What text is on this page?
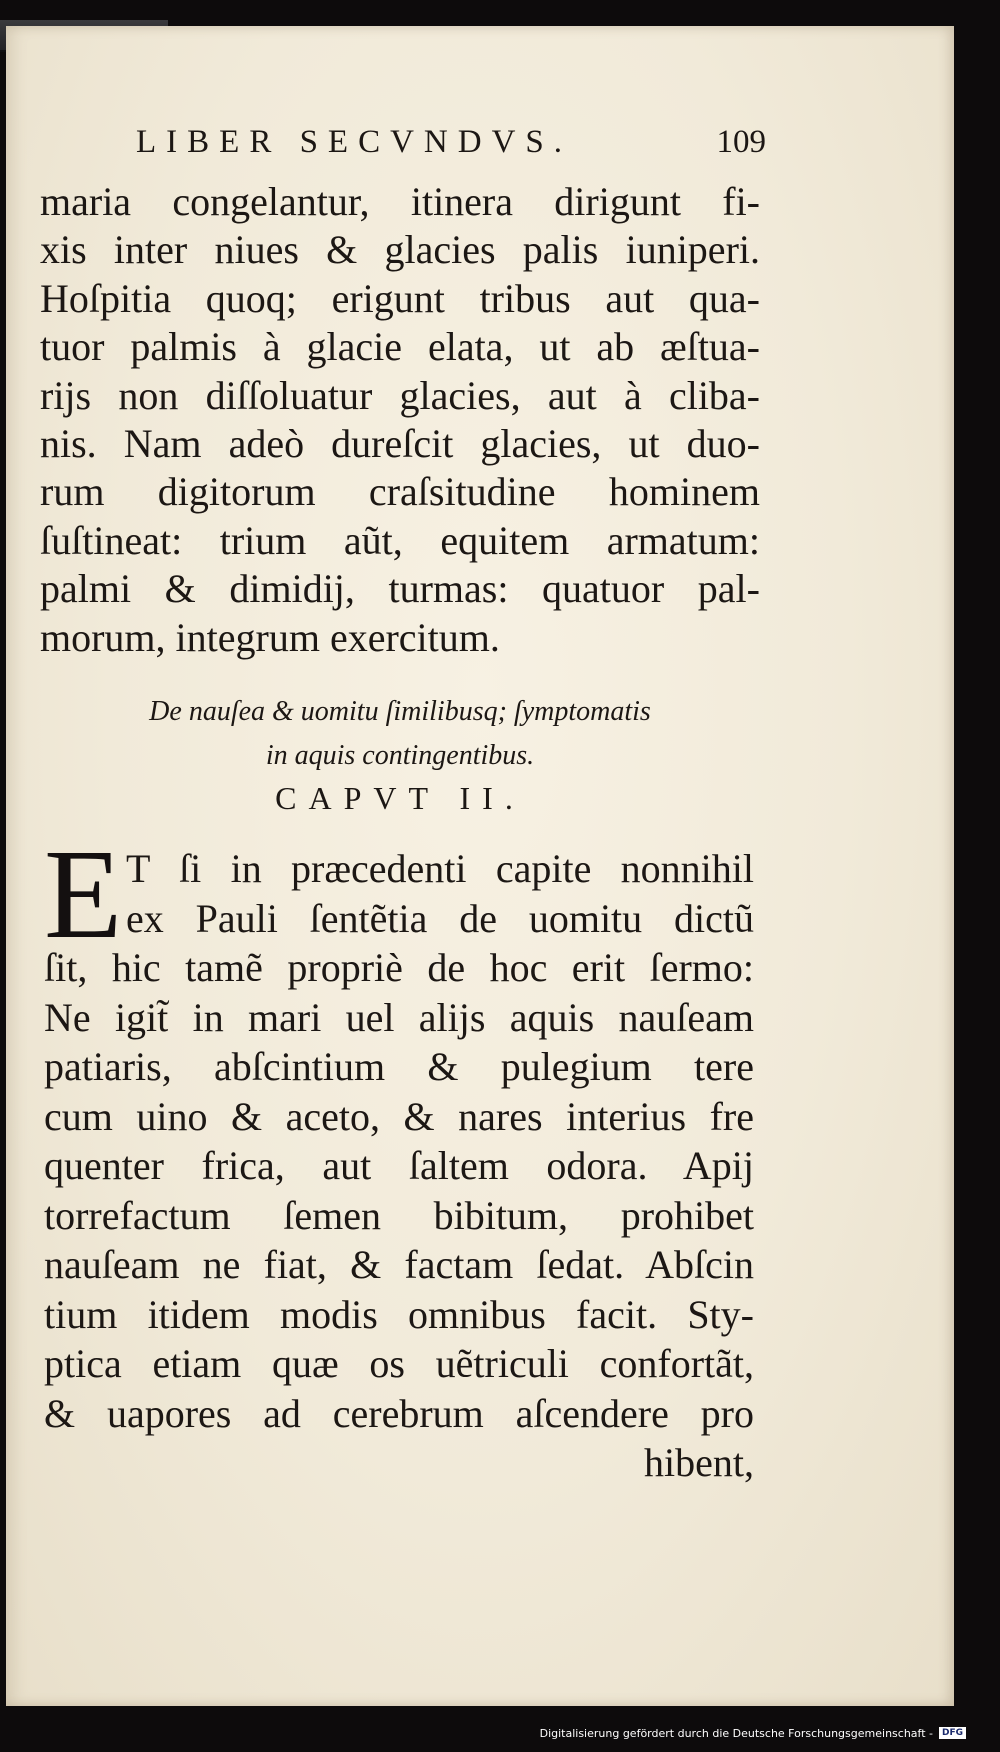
LIBER SECVNDVS.	109
maria congelantur, itinera dirigunt fi-
xis inter niues & glacies palis iuniperi.
Hoſpitia quoq; erigunt tribus aut qua-
tuor palmis à glacie elata, ut ab æſtua-
rijs non diſſoluatur glacies, aut à cliba-
nis. Nam adeò dureſcit glacies, ut duo-
rum digitorum craſsitudine hominem
ſuſtineat: trium aũt, equitem armatum:
palmi & dimidij, turmas: quatuor pal-
morum, integrum exercitum.
De nauſea & uomitu ſimilibusq; ſymptomatis
in aquis contingentibus.
CAPVT II.
E T ſi in præcedenti capite nonnihil
ex Pauli ſentẽtia de uomitu dictũ
ſit, hic tamẽ propriè de hoc erit ſermo:
Ne igit̃ in mari uel alijs aquis nauſeam
patiaris, abſcintium & pulegium tere
cum uino & aceto, & nares interius fre
quenter frica, aut ſaltem odora. Apij
torrefactum ſemen bibitum, prohibet
nauſeam ne fiat, & factam ſedat. Abſcin
tium itidem modis omnibus facit. Sty-
ptica etiam quæ os uẽtriculi confortãt,
& uapores ad cerebrum aſcendere pro
hibent,
Digitalisierung gefördert durch die Deutsche Forschungsgemeinschaft -	DFG
